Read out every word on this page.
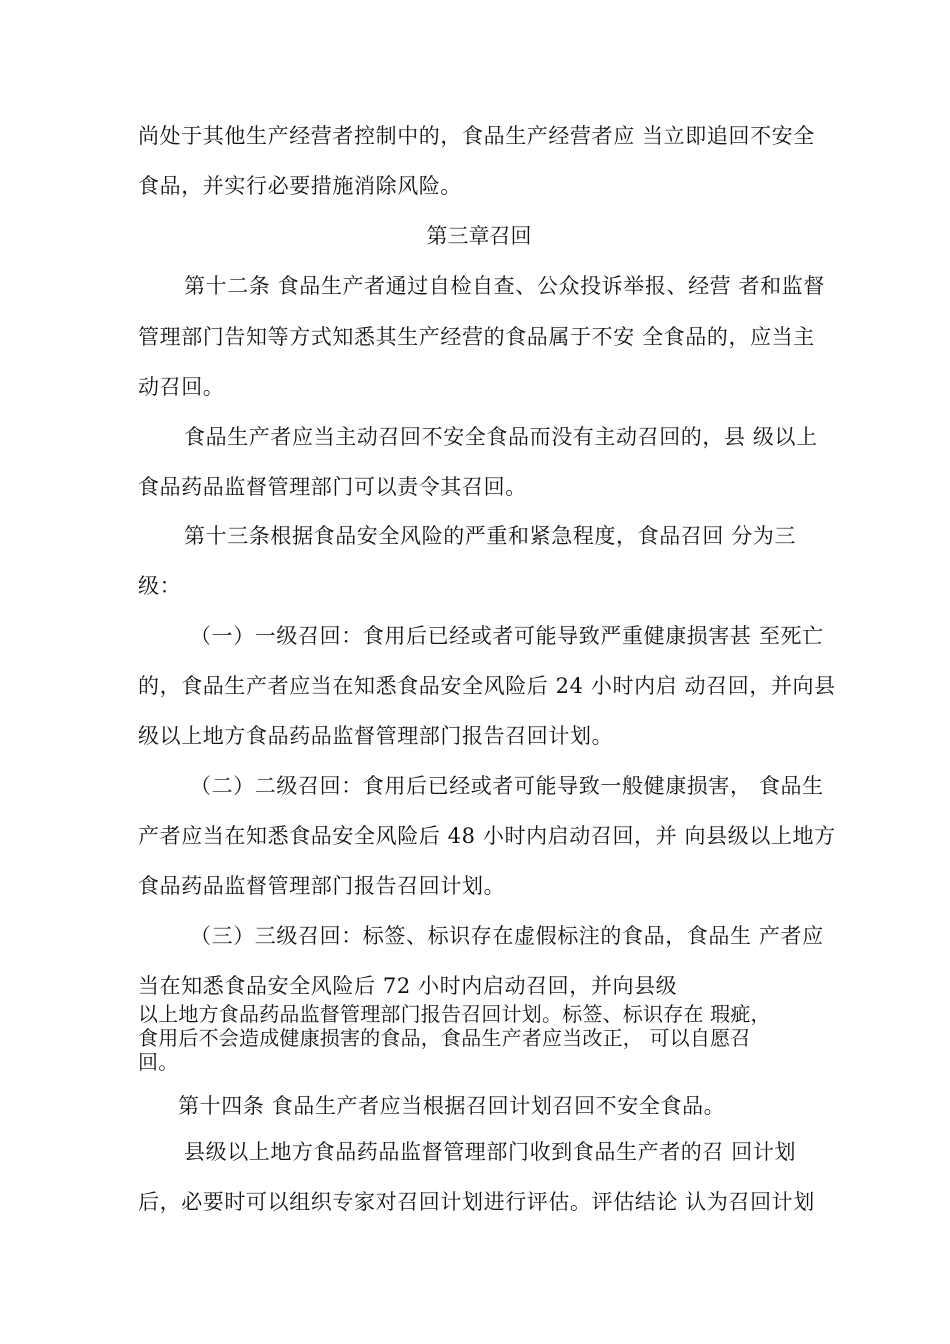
尚处于其他生产经营者控制中的，食品生产经营者应 当立即追回不安全

食品，并实行必要措施消除风险。

第三章召回

第十二条 食品生产者通过自检自查、公众投诉举报、经营 者和监督

管理部门告知等方式知悉其生产经营的食品属于不安 全食品的，应当主

动召回。

食品生产者应当主动召回不安全食品而没有主动召回的，县 级以上

食品药品监督管理部门可以责令其召回。

第十三条根据食品安全风险的严重和紧急程度，食品召回 分为三

级：

（一）一级召回：食用后已经或者可能导致严重健康损害甚 至死亡

的，食品生产者应当在知悉食品安全风险后 24 小时内启 动召回，并向县

级以上地方食品药品监督管理部门报告召回计划。

（二）二级召回：食用后已经或者可能导致一般健康损害， 食品生

产者应当在知悉食品安全风险后 48 小时内启动召回，并 向县级以上地方

食品药品监督管理部门报告召回计划。

（三）三级召回：标签、标识存在虚假标注的食品，食品生 产者应

当在知悉食品安全风险后 72 小时内启动召回，并向县级

以上地方食品药品监督管理部门报告召回计划。标签、标识存在 瑕疵，

食用后不会造成健康损害的食品，食品生产者应当改正， 可以自愿召

回。

第十四条 食品生产者应当根据召回计划召回不安全食品。

县级以上地方食品药品监督管理部门收到食品生产者的召 回计划

后，必要时可以组织专家对召回计划进行评估。评估结论 认为召回计划
